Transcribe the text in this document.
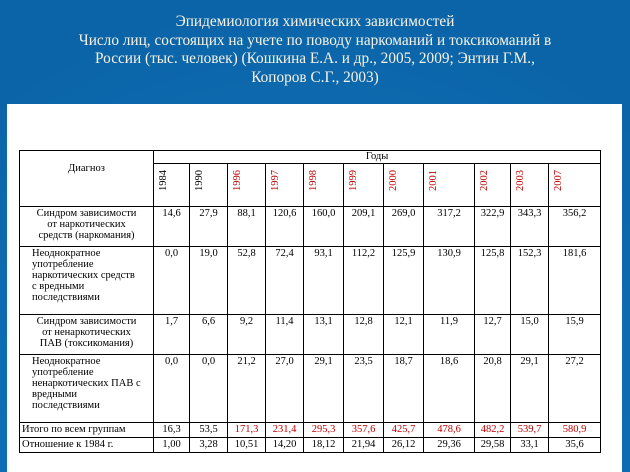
Эпидемиология химических зависимостей
Число лиц, состоящих на учете по поводу наркоманий и токсикоманий в
России (тыс. человек) (Кошкина Е.А. и др., 2005, 2009; Энтин Г.М.,
Копоров С.Г., 2003)
Диагноз	Годы										
	1984	1990	1996	1997	1998	1999	2000	2001	2002	2003	2007

Синдром зависимости
от наркотических
средств (наркомания)	14,6	27,9	88,1	120,6	160,0	209,1	269,0	317,2	322,9	343,3	356,2

Неоднократное
употребление
наркотических средств
с вредными
последствиями	0,0	19,0	52,8	72,4	93,1	112,2	125,9	130,9	125,8	152,3	181,6

Синдром зависимости
от ненаркотических
ПАВ (токсикомания)	1,7	6,6	9,2	11,4	13,1	12,8	12,1	11,9	12,7	15,0	15,9

Неоднократное
употребление
ненаркотических ПАВ с
вредными
последствиями	0,0	0,0	21,2	27,0	29,1	23,5	18,7	18,6	20,8	29,1	27,2
Итого по всем группам	16,3	53,5	171,3	231,4	295,3	357,6	425,7	478,6	482,2	539,7	580,9
Отношение к 1984 г.	1,00	3,28	10,51	14,20	18,12	21,94	26,12	29,36	29,58	33,1	35,6
